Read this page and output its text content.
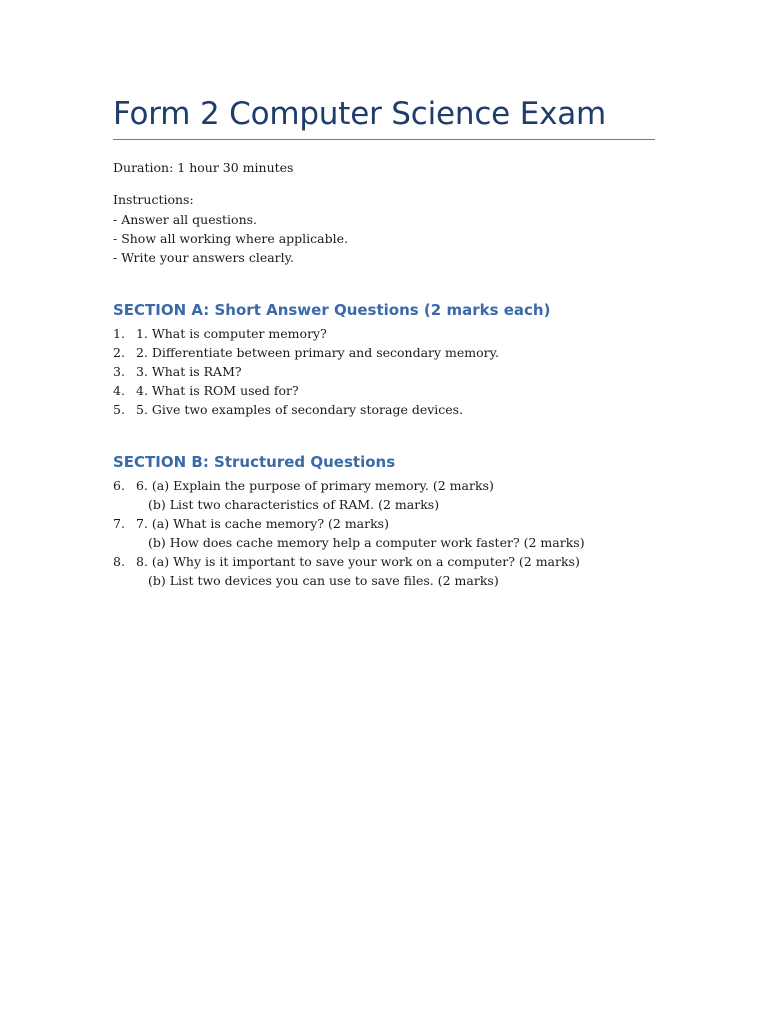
Form 2 Computer Science Exam
Duration: 1 hour 30 minutes
Instructions:
- Answer all questions.
- Show all working where applicable.
- Write your answers clearly.
SECTION A: Short Answer Questions (2 marks each)
1. 1. What is computer memory?
2. 2. Differentiate between primary and secondary memory.
3. 3. What is RAM?
4. 4. What is ROM used for?
5. 5. Give two examples of secondary storage devices.
SECTION B: Structured Questions
6. 6. (a) Explain the purpose of primary memory. (2 marks)
(b) List two characteristics of RAM. (2 marks)
7. 7. (a) What is cache memory? (2 marks)
(b) How does cache memory help a computer work faster? (2 marks)
8. 8. (a) Why is it important to save your work on a computer? (2 marks)
(b) List two devices you can use to save files. (2 marks)
